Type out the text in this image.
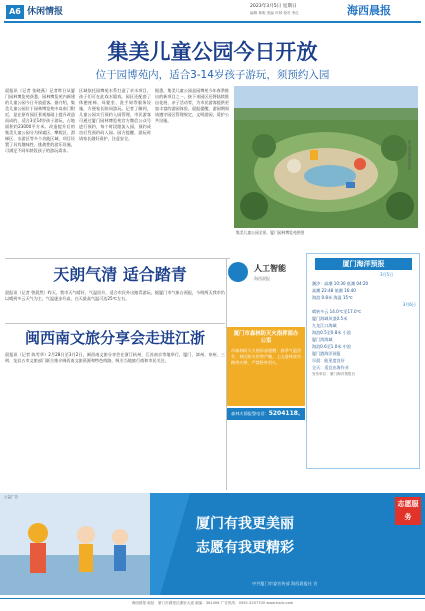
A6 休闲情报
2023年3月5日 星期日
编辑 林明 美编 叶林 校对 李红	海西晨报
集美儿童公园今日开放
位于园博苑内，适合3-14岁孩子游玩，须预约入园
晨报讯（记者 张晓燕）记者昨日从厦门园林博览苑获悉，园林博览苑内新建的儿童公园今日开放迎客。据介绍，集美儿童公园位于园林博览苑中岛南门附近，是在原有园区景观基础上提升改造而成的，适合3至14岁孩子游玩，占地面积约23000平方米。改造提升后的集美儿童公园分为探索区、攀爬区、滑梯区、水游区等多个功能区域，项目设置了具有趣味性、挑战性的游乐设施，可满足不同年龄段孩子的游玩需求。
区域依托园博苑水系打造了亲水项目，孩子们可在此戏水嬉戏。园区还配套了休憩座椅、母婴室、洗手间等服务设施，方便家长陪同游玩。记者了解到，儿童公园实行预约入园管理，市民游客可通过厦门园林博览苑官方微信公众号进行预约，每个时段限流入园，预约成功后凭预约码入园。园方提醒，游玩时请家长做好看护，注意安全。
据悉，集美儿童公园是园博苑今年春季推出的新项目之一，接下来园区还将陆续推出花展、亲子活动等，为市民游客提供更加丰富的游园体验。晨报提醒，游园期间请遵守园区管理规定，文明游园，爱护公共设施。
厦门园林博览苑供图
集美儿童公园全景。厦门园林博览苑供图
天朗气清 适合踏青
晨报讯（记者 曾晨然）昨天，我市天气晴好，气温回升，适合市民外出踏青游玩。据厦门市气象台预报，今明两天我市仍以晴到多云天气为主，气温逐步升高，白天最高气温可达25℃左右。
人工智能
海西晨报
闽西南文旅分享会走进江浙
晨报讯（记者 陈雪华）2月28日至3月2日，闽西南文旅分享会在浙江杭州、江苏南京等地举行，厦门、漳州、泉州、三明、龙岩五市文旅部门联合推介闽西南文旅资源和特色线路，吸引当地旅行商和市民关注。
厦门市森林防灭火指挥部办公室
市森林防灭火指挥部提醒：春季气温回升，林区防火形势严峻，上山进林请勿携带火种，严禁野外用火。
森林火情报警电话：5204118、110
厦门海洋预报
3月5日
潮汐：高潮 10:30 低潮 04:20
高潮 22:48 低潮 16:40
海浪 0.8米 海温 15℃
3月6日
晴转多云 14.0℃至17.0℃
厦门海域风浪0.5米
九龙江口海域
海浪0.5至0.8米 小浪
厦门湾海域
海浪0.6至1.0米 中浪
厦门港海洋预报
早晨：能见度良好
全天：适宜出海作业
发布单位：厦门海洋预报台
志愿服务
厦门有我更美丽
志愿有我更精彩
中共厦门市委宣传部 海西晨报社 宣
公益广告
海西晨报 地址：厦门市湖里区湖里大道 邮编：361006 广告热线：0592-5207700 www.hxcb.com
